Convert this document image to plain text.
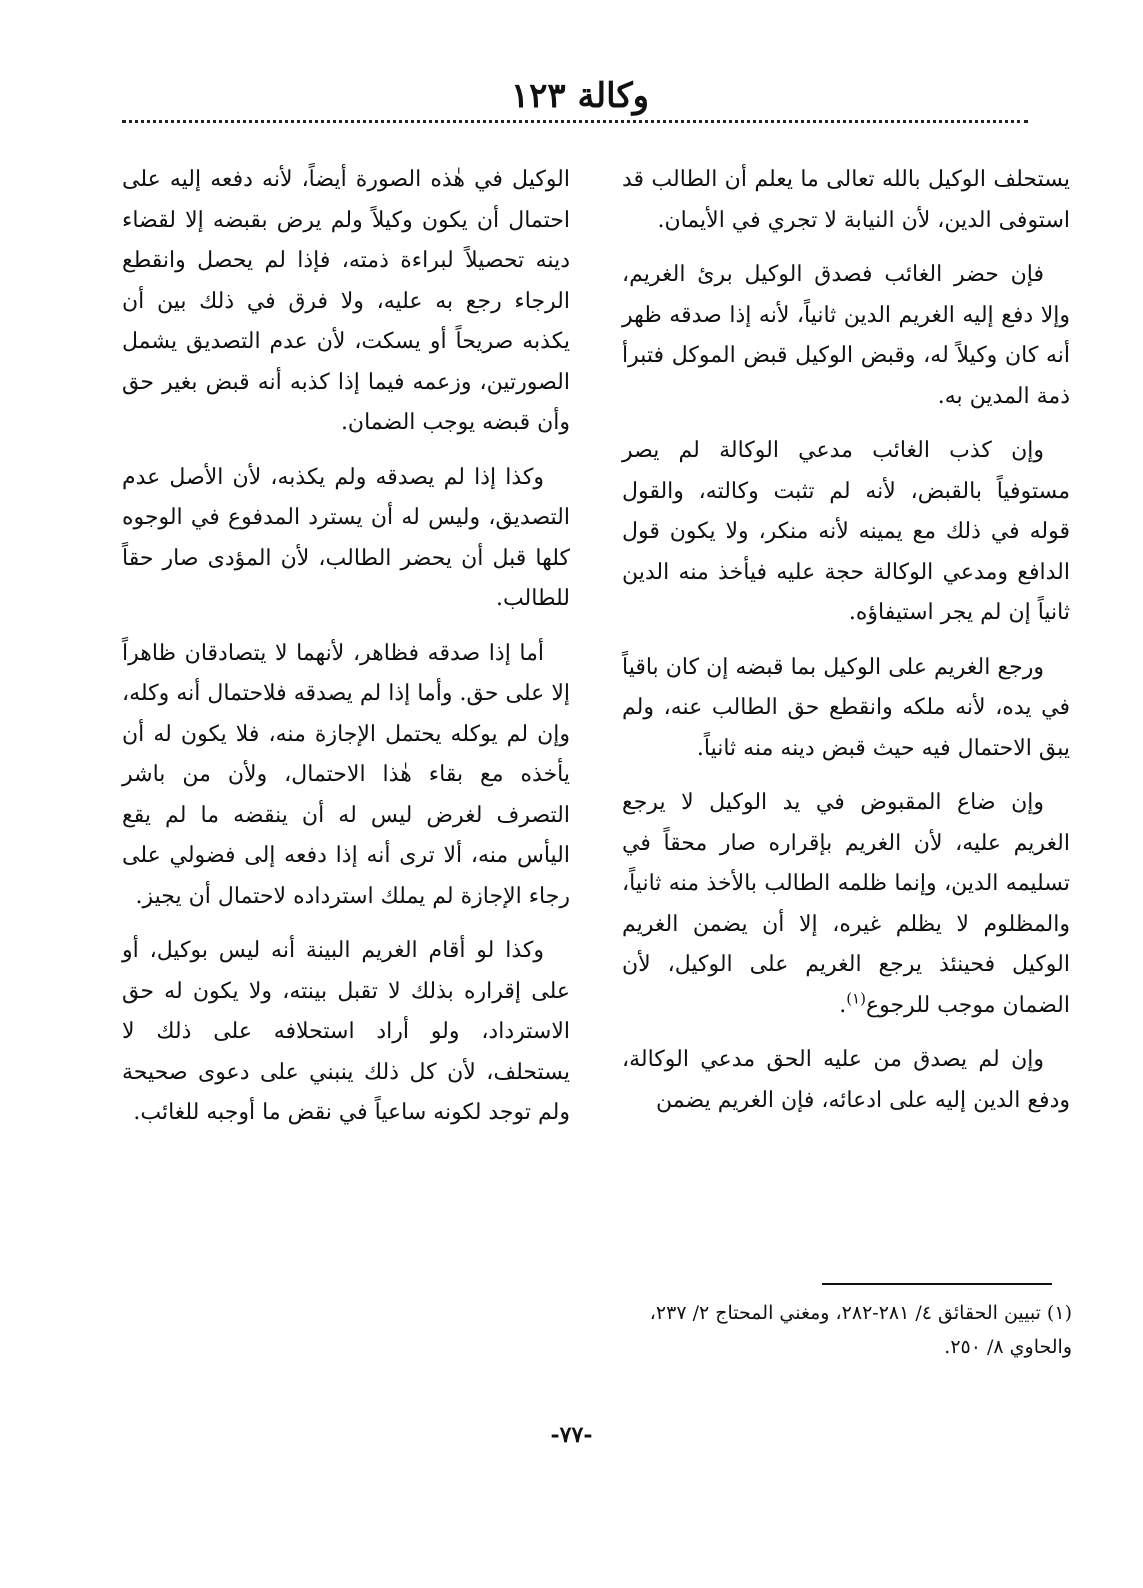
وكالة ١٢٣

يستحلف الوكيل بالله تعالى ما يعلم أن الطالب قد استوفى الدين، لأن النيابة لا تجري في الأيمان.

فإن حضر الغائب فصدق الوكيل برئ الغريم، وإلا دفع إليه الغريم الدين ثانياً، لأنه إذا صدقه ظهر أنه كان وكيلاً له، وقبض الوكيل قبض الموكل فتبرأ ذمة المدين به.

وإن كذب الغائب مدعي الوكالة لم يصر مستوفياً بالقبض، لأنه لم تثبت وكالته، والقول قوله في ذلك مع يمينه لأنه منكر، ولا يكون قول الدافع ومدعي الوكالة حجة عليه فيأخذ منه الدين ثانياً إن لم يجر استيفاؤه.

ورجع الغريم على الوكيل بما قبضه إن كان باقياً في يده، لأنه ملكه وانقطع حق الطالب عنه، ولم يبق الاحتمال فيه حيث قبض دينه منه ثانياً.

وإن ضاع المقبوض في يد الوكيل لا يرجع الغريم عليه، لأن الغريم بإقراره صار محقاً في تسليمه الدين، وإنما ظلمه الطالب بالأخذ منه ثانياً، والمظلوم لا يظلم غيره، إلا أن يضمن الغريم الوكيل فحينئذ يرجع الغريم على الوكيل، لأن الضمان موجب للرجوع$^{(١)}$.

وإن لم يصدق من عليه الحق مدعي الوكالة، ودفع الدين إليه على ادعائه، فإن الغريم يضمن

الوكيل في هٰذه الصورة أيضاً، لأنه دفعه إليه على احتمال أن يكون وكيلاً ولم يرض بقبضه إلا لقضاء دينه تحصيلاً لبراءة ذمته، فإذا لم يحصل وانقطع الرجاء رجع به عليه، ولا فرق في ذلك بين أن يكذبه صريحاً أو يسكت، لأن عدم التصديق يشمل الصورتين، وزعمه فيما إذا كذبه أنه قبض بغير حق وأن قبضه يوجب الضمان.

وكذا إذا لم يصدقه ولم يكذبه، لأن الأصل عدم التصديق، وليس له أن يسترد المدفوع في الوجوه كلها قبل أن يحضر الطالب، لأن المؤدى صار حقاً للطالب.

أما إذا صدقه فظاهر، لأنهما لا يتصادقان ظاهراً إلا على حق. وأما إذا لم يصدقه فلاحتمال أنه وكله، وإن لم يوكله يحتمل الإجازة منه، فلا يكون له أن يأخذه مع بقاء هٰذا الاحتمال، ولأن من باشر التصرف لغرض ليس له أن ينقضه ما لم يقع اليأس منه، ألا ترى أنه إذا دفعه إلى فضولي على رجاء الإجازة لم يملك استرداده لاحتمال أن يجيز.

وكذا لو أقام الغريم البينة أنه ليس بوكيل، أو على إقراره بذلك لا تقبل بينته، ولا يكون له حق الاسترداد، ولو أراد استحلافه على ذلك لا يستحلف، لأن كل ذلك ينبني على دعوى صحيحة ولم توجد لكونه ساعياً في نقض ما أوجبه للغائب.

(١) تبيين الحقائق ٤/ ٢٨١-٢٨٢، ومغني المحتاج ٢/ ٢٣٧، والحاوي ٨/ ٢٥٠.
-٧٧-
